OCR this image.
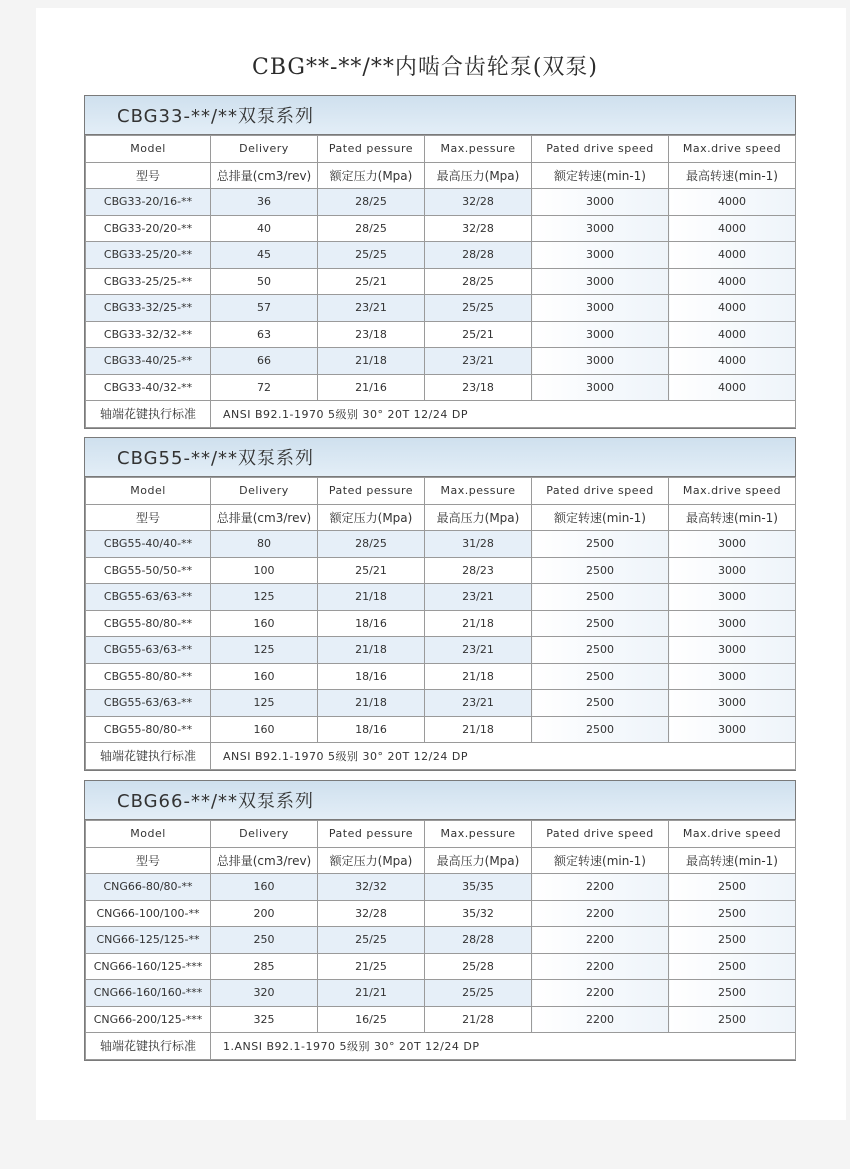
CBG**-**/**内啮合齿轮泵(双泵)
CBG33-**/**双泵系列
Model	Delivery	Pated pessure	Max.pessure	Pated drive speed	Max.drive speed
型号	总排量(cm3/rev)	额定压力(Mpa)	最高压力(Mpa)	额定转速(min-1)	最高转速(min-1)
CBG33-20/16-**	36	28/25	32/28	3000	4000
CBG33-20/20-**	40	28/25	32/28	3000	4000
CBG33-25/20-**	45	25/25	28/28	3000	4000
CBG33-25/25-**	50	25/21	28/25	3000	4000
CBG33-32/25-**	57	23/21	25/25	3000	4000
CBG33-32/32-**	63	23/18	25/21	3000	4000
CBG33-40/25-**	66	21/18	23/21	3000	4000
CBG33-40/32-**	72	21/16	23/18	3000	4000
轴端花键执行标准	ANSI B92.1-1970 5级别 30° 20T 12/24 DP				
CBG55-**/**双泵系列
Model	Delivery	Pated pessure	Max.pessure	Pated drive speed	Max.drive speed
型号	总排量(cm3/rev)	额定压力(Mpa)	最高压力(Mpa)	额定转速(min-1)	最高转速(min-1)
CBG55-40/40-**	80	28/25	31/28	2500	3000
CBG55-50/50-**	100	25/21	28/23	2500	3000
CBG55-63/63-**	125	21/18	23/21	2500	3000
CBG55-80/80-**	160	18/16	21/18	2500	3000
CBG55-63/63-**	125	21/18	23/21	2500	3000
CBG55-80/80-**	160	18/16	21/18	2500	3000
CBG55-63/63-**	125	21/18	23/21	2500	3000
CBG55-80/80-**	160	18/16	21/18	2500	3000
轴端花键执行标准	ANSI B92.1-1970 5级别 30° 20T 12/24 DP				
CBG66-**/**双泵系列
Model	Delivery	Pated pessure	Max.pessure	Pated drive speed	Max.drive speed
型号	总排量(cm3/rev)	额定压力(Mpa)	最高压力(Mpa)	额定转速(min-1)	最高转速(min-1)
CNG66-80/80-**	160	32/32	35/35	2200	2500
CNG66-100/100-**	200	32/28	35/32	2200	2500
CNG66-125/125-**	250	25/25	28/28	2200	2500
CNG66-160/125-***	285	21/25	25/28	2200	2500
CNG66-160/160-***	320	21/21	25/25	2200	2500
CNG66-200/125-***	325	16/25	21/28	2200	2500
轴端花键执行标准	1.ANSI B92.1-1970 5级别 30° 20T 12/24 DP				
